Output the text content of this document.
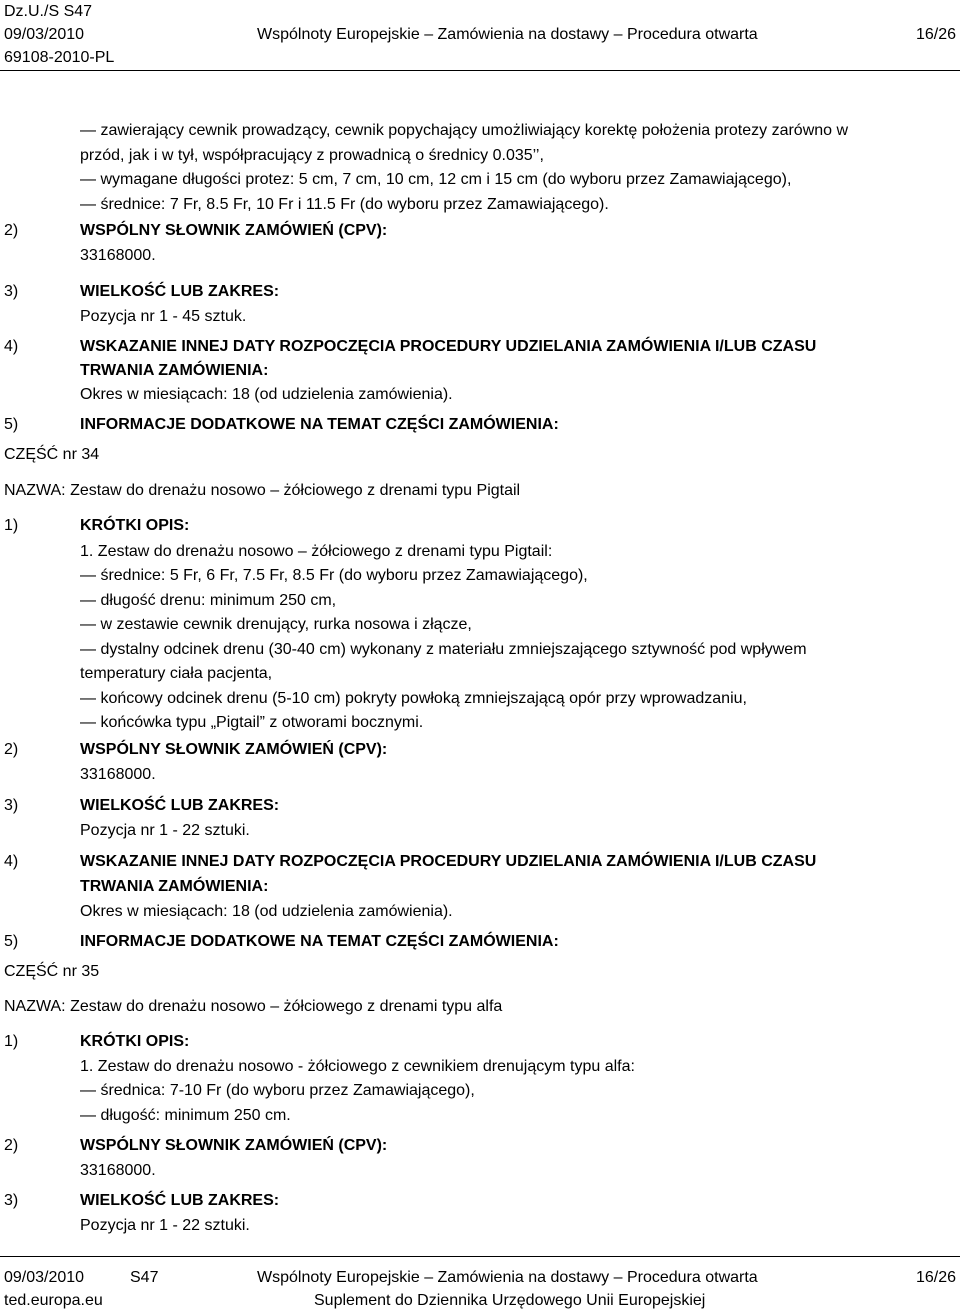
Dz.U./S S47
09/03/2010	Wspólnoty Europejskie – Zamówienia na dostawy – Procedura otwarta	16/26
69108-2010-PL
— zawierający cewnik prowadzący, cewnik popychający umożliwiający korektę położenia protezy zarówno w
przód, jak i w tył, współpracujący z prowadnicą o średnicy 0.035’’,
— wymagane długości protez: 5 cm, 7 cm, 10 cm, 12 cm i 15 cm (do wyboru przez Zamawiającego),
— średnice: 7 Fr, 8.5 Fr, 10 Fr i 11.5 Fr (do wyboru przez Zamawiającego).
2)	WSPÓLNY SŁOWNIK ZAMÓWIEŃ (CPV):
33168000.
3)	WIELKOŚĆ LUB ZAKRES:
Pozycja nr 1 - 45 sztuk.
4)	WSKAZANIE INNEJ DATY ROZPOCZĘCIA PROCEDURY UDZIELANIA ZAMÓWIENIA I/LUB CZASU
TRWANIA ZAMÓWIENIA:
Okres w miesiącach: 18 (od udzielenia zamówienia).
5)	INFORMACJE DODATKOWE NA TEMAT CZĘŚCI ZAMÓWIENIA:
CZĘŚĆ nr 34
NAZWA: Zestaw do drenażu nosowo – żółciowego z drenami typu Pigtail
1)	KRÓTKI OPIS:
1. Zestaw do drenażu nosowo – żółciowego z drenami typu Pigtail:
— średnice: 5 Fr, 6 Fr, 7.5 Fr, 8.5 Fr (do wyboru przez Zamawiającego),
— długość drenu: minimum 250 cm,
— w zestawie cewnik drenujący, rurka nosowa i złącze,
— dystalny odcinek drenu (30-40 cm) wykonany z materiału zmniejszającego sztywność pod wpływem
temperatury ciała pacjenta,
— końcowy odcinek drenu (5-10 cm) pokryty powłoką zmniejszającą opór przy wprowadzaniu,
— końcówka typu „Pigtail” z otworami bocznymi.
2)	WSPÓLNY SŁOWNIK ZAMÓWIEŃ (CPV):
33168000.
3)	WIELKOŚĆ LUB ZAKRES:
Pozycja nr 1 - 22 sztuki.
4)	WSKAZANIE INNEJ DATY ROZPOCZĘCIA PROCEDURY UDZIELANIA ZAMÓWIENIA I/LUB CZASU
TRWANIA ZAMÓWIENIA:
Okres w miesiącach: 18 (od udzielenia zamówienia).
5)	INFORMACJE DODATKOWE NA TEMAT CZĘŚCI ZAMÓWIENIA:
CZĘŚĆ nr 35
NAZWA: Zestaw do drenażu nosowo – żółciowego z drenami typu alfa
1)	KRÓTKI OPIS:
1. Zestaw do drenażu nosowo - żółciowego z cewnikiem drenującym typu alfa:
— średnica: 7-10 Fr (do wyboru przez Zamawiającego),
— długość: minimum 250 cm.
2)	WSPÓLNY SŁOWNIK ZAMÓWIEŃ (CPV):
33168000.
3)	WIELKOŚĆ LUB ZAKRES:
Pozycja nr 1 - 22 sztuki.
09/03/2010	S47	Wspólnoty Europejskie – Zamówienia na dostawy – Procedura otwarta	16/26
ted.europa.eu	Suplement do Dziennika Urzędowego Unii Europejskiej
